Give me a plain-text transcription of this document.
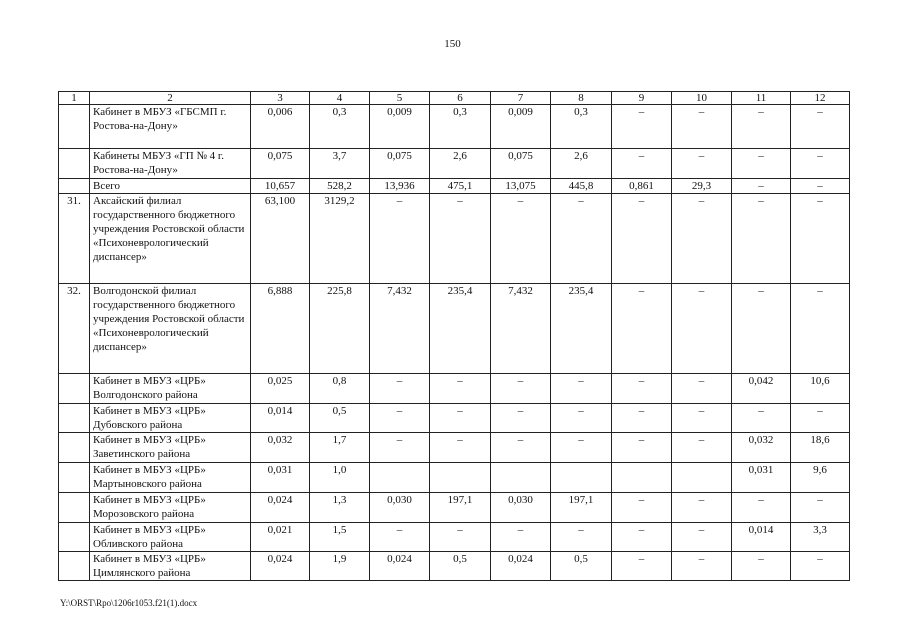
150
1	2	3	4	5	6	7	8	9	10	11	12
	Кабинет в МБУЗ «ГБСМП г. Ростова-на-Дону»	0,006	0,3	0,009	0,3	0,009	0,3	–	–	–	–
	Кабинеты МБУЗ «ГП № 4 г. Ростова-на-Дону»	0,075	3,7	0,075	2,6	0,075	2,6	–	–	–	–
	Всего	10,657	528,2	13,936	475,1	13,075	445,8	0,861	29,3	–	–
31.	Аксайский филиал государственного бюджетного учреждения Ростовской области «Психоневрологический диспансер»	63,100	3129,2	–	–	–	–	–	–	–	–
32.	Волгодонской филиал государственного бюджетного учреждения Ростовской области «Психоневрологический диспансер»	6,888	225,8	7,432	235,4	7,432	235,4	–	–	–	–
	Кабинет в МБУЗ «ЦРБ» Волгодонского района	0,025	0,8	–	–	–	–	–	–	0,042	10,6
	Кабинет в МБУЗ «ЦРБ» Дубовского района	0,014	0,5	–	–	–	–	–	–	–	–
	Кабинет в МБУЗ «ЦРБ» Заветинского района	0,032	1,7	–	–	–	–	–	–	0,032	18,6
	Кабинет в МБУЗ «ЦРБ» Мартыновского района	0,031	1,0							0,031	9,6
	Кабинет в МБУЗ «ЦРБ» Морозовского района	0,024	1,3	0,030	197,1	0,030	197,1	–	–	–	–
	Кабинет в МБУЗ «ЦРБ» Обливского района	0,021	1,5	–	–	–	–	–	–	0,014	3,3
	Кабинет в МБУЗ «ЦРБ» Цимлянского района	0,024	1,9	0,024	0,5	0,024	0,5	–	–	–	–
Y:\ORST\Rpo\1206r1053.f21(1).docx
